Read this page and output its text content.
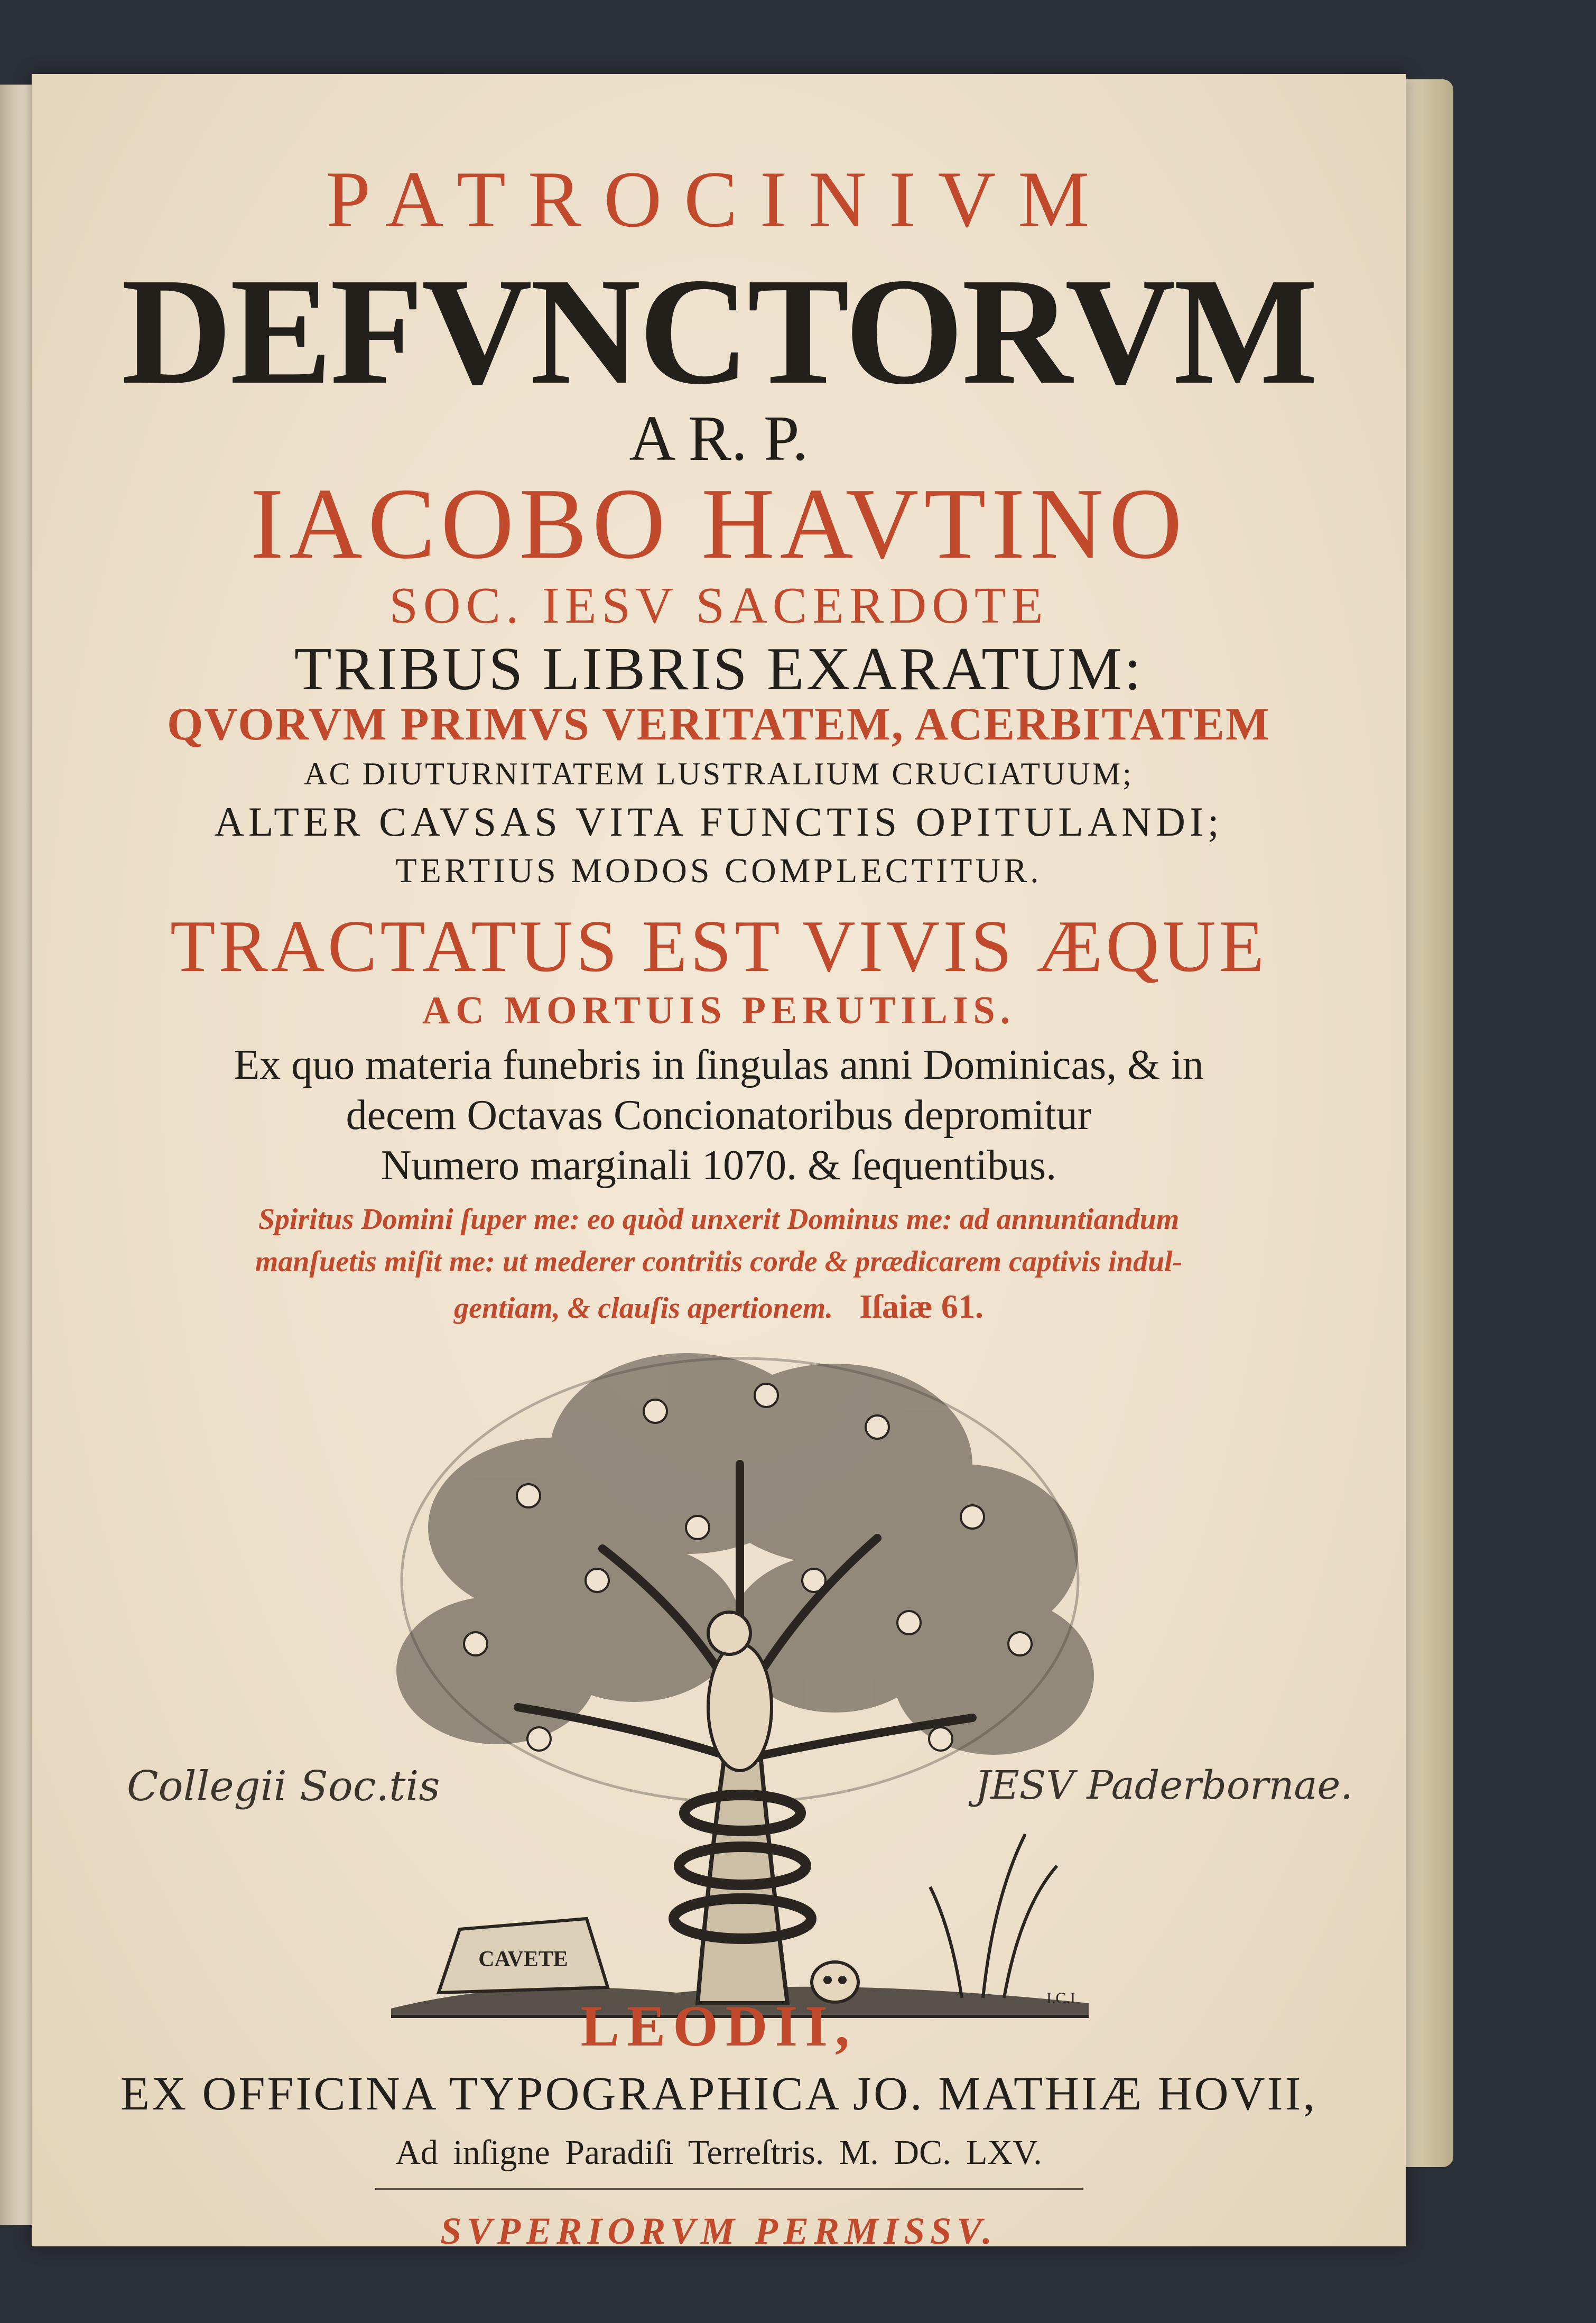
PATROCINIVM
DEFVNCTORVM
A R. P.
IACOBO HAVTINO
SOC. IESV SACERDOTE
TRIBUS LIBRIS EXARATUM:
QVORVM PRIMVS VERITATEM, ACERBITATEM
AC DIUTURNITATEM LUSTRALIUM CRUCIATUUM;
ALTER CAVSAS VITA FUNCTIS OPITULANDI;
TERTIUS MODOS COMPLECTITUR.
TRACTATUS EST VIVIS ÆQUE
AC MORTUIS PERUTILIS.
Ex quo materia funebris in ſingulas anni Dominicas, & in
decem Octavas Concionatoribus depromitur
Numero marginali 1070. & ſequentibus.
Spiritus Domini ſuper me: eo quòd unxerit Dominus me: ad annuntiandum
manſuetis miſit me: ut mederer contritis corde & prædicarem captivis indul-
gentiam, & clauſis apertionem. Iſaiæ 61.
CAVETE
I.C.I
Collegii Soc.tis	JESV Paderbornae.
LEODII,
EX OFFICINA TYPOGRAPHICA JO. MATHIÆ HOVII,
Ad inſigne Paradiſi Terreſtris. M. DC. LXV.
SVPERIORVM PERMISSV.
